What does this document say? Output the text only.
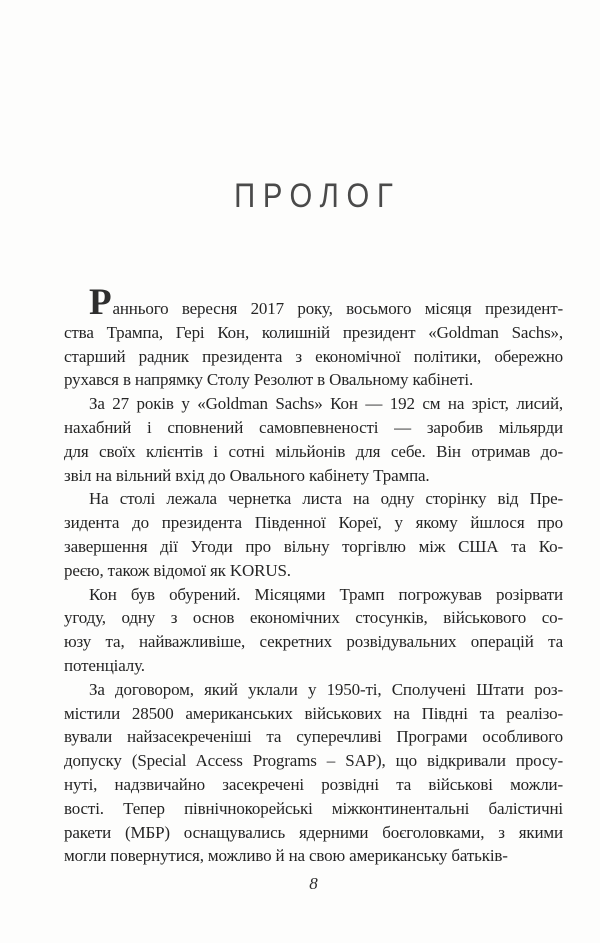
ПРОЛОГ
Раннього вересня 2017 року, восьмого місяця президент-
ства Трампа, Гері Кон, колишній президент «Goldman Sachs»,
старший радник президента з економічної політики, обережно
рухався в напрямку Столу Резолют в Овальному кабінеті.
За 27 років у «Goldman Sachs» Кон — 192 см на зріст, лисий,
нахабний і сповнений самовпевненості — заробив мільярди
для своїх клієнтів і сотні мільйонів для себе. Він отримав до-
звіл на вільний вхід до Овального кабінету Трампа.
На столі лежала чернетка листа на одну сторінку від Пре-
зидента до президента Південної Кореї, у якому йшлося про
завершення дії Угоди про вільну торгівлю між США та Ко-
реєю, також відомої як KORUS.
Кон був обурений. Місяцями Трамп погрожував розірвати
угоду, одну з основ економічних стосунків, військового со-
юзу та, найважливіше, секретних розвідувальних операцій та
потенціалу.
За договором, який уклали у 1950-ті, Сполучені Штати роз-
містили 28500 американських військових на Півдні та реалізо-
вували найзасекреченіші та суперечливі Програми особливого
допуску (Special Access Programs – SAP), що відкривали просу-
нуті, надзвичайно засекречені розвідні та військові можли-
вості. Тепер північнокорейські міжконтинентальні балістичні
ракети (МБР) оснащувались ядерними боєголовками, з якими
могли повернутися, можливо й на свою американську батьків-
8
